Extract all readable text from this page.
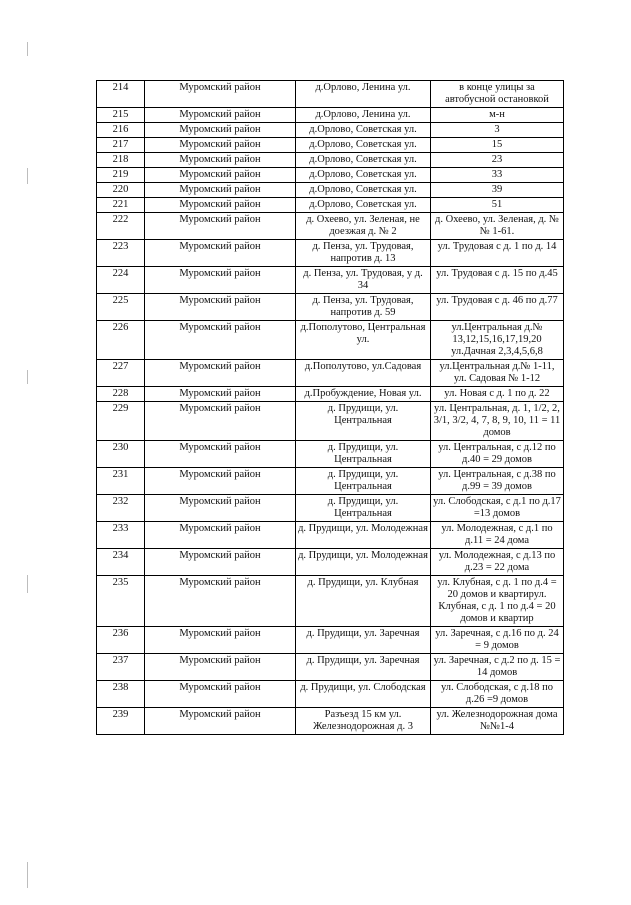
214	Муромский район	д.Орлово, Ленина ул.	в конце улицы за автобусной остановкой
215	Муромский район	д.Орлово, Ленина ул.	м-н
216	Муромский район	д.Орлово, Советская ул.	3
217	Муромский район	д.Орлово, Советская ул.	15
218	Муромский район	д.Орлово, Советская ул.	23
219	Муромский район	д.Орлово, Советская ул.	33
220	Муромский район	д.Орлово, Советская ул.	39
221	Муромский район	д.Орлово, Советская ул.	51
222	Муромский район	д. Охеево, ул. Зеленая, не доезжая д. № 2	д. Охеево, ул. Зеленая, д. №№ 1-61.
223	Муромский район	д. Пенза, ул. Трудовая, напротив д. 13	ул. Трудовая с д. 1 по д. 14
224	Муромский район	д. Пенза, ул. Трудовая, у д. 34	ул. Трудовая с д. 15 по д.45
225	Муромский район	д. Пенза, ул. Трудовая, напротив д. 59	ул. Трудовая с д. 46 по д.77
226	Муромский район	д.Пополутово, Центральная ул.	ул.Центральная д.№ 13,12,15,16,17,19,20 ул.Дачная 2,3,4,5,6,8
227	Муромский район	д.Пополутово, ул.Садовая	ул.Центральная д.№ 1-11, ул. Садовая № 1-12
228	Муромский район	д.Пробуждение, Новая ул.	ул. Новая с д. 1 по д. 22
229	Муромский район	д. Прудищи, ул. Центральная	ул. Центральная, д. 1, 1/2, 2, 3/1, 3/2, 4, 7, 8, 9, 10, 11 = 11 домов
230	Муромский район	д. Прудищи, ул. Центральная	ул. Центральная, с д.12 по д.40 = 29 домов
231	Муромский район	д. Прудищи, ул. Центральная	ул. Центральная, с д.38 по д.99 = 39 домов
232	Муромский район	д. Прудищи, ул. Центральная	ул. Слободская, с д.1 по д.17 =13 домов
233	Муромский район	д. Прудищи, ул. Молодежная	ул. Молодежная, с д.1 по д.11 = 24 дома
234	Муромский район	д. Прудищи, ул. Молодежная	ул. Молодежная, с д.13 по д.23 = 22 дома
235	Муромский район	д. Прудищи, ул. Клубная	ул. Клубная, с д. 1 по д.4 = 20 домов и квартирул. Клубная, с д. 1 по д.4 = 20 домов и квартир
236	Муромский район	д. Прудищи, ул. Заречная	ул. Заречная, с д.16 по д. 24 = 9 домов
237	Муромский район	д. Прудищи, ул. Заречная	ул. Заречная, с д.2 по д. 15 = 14 домов
238	Муромский район	д. Прудищи, ул. Слободская	ул. Слободская, с д.18 по д.26 =9 домов
239	Муромский район	Разъезд 15 км ул. Железнодорожная д. 3	ул. Железнодорожная дома №№1-4
